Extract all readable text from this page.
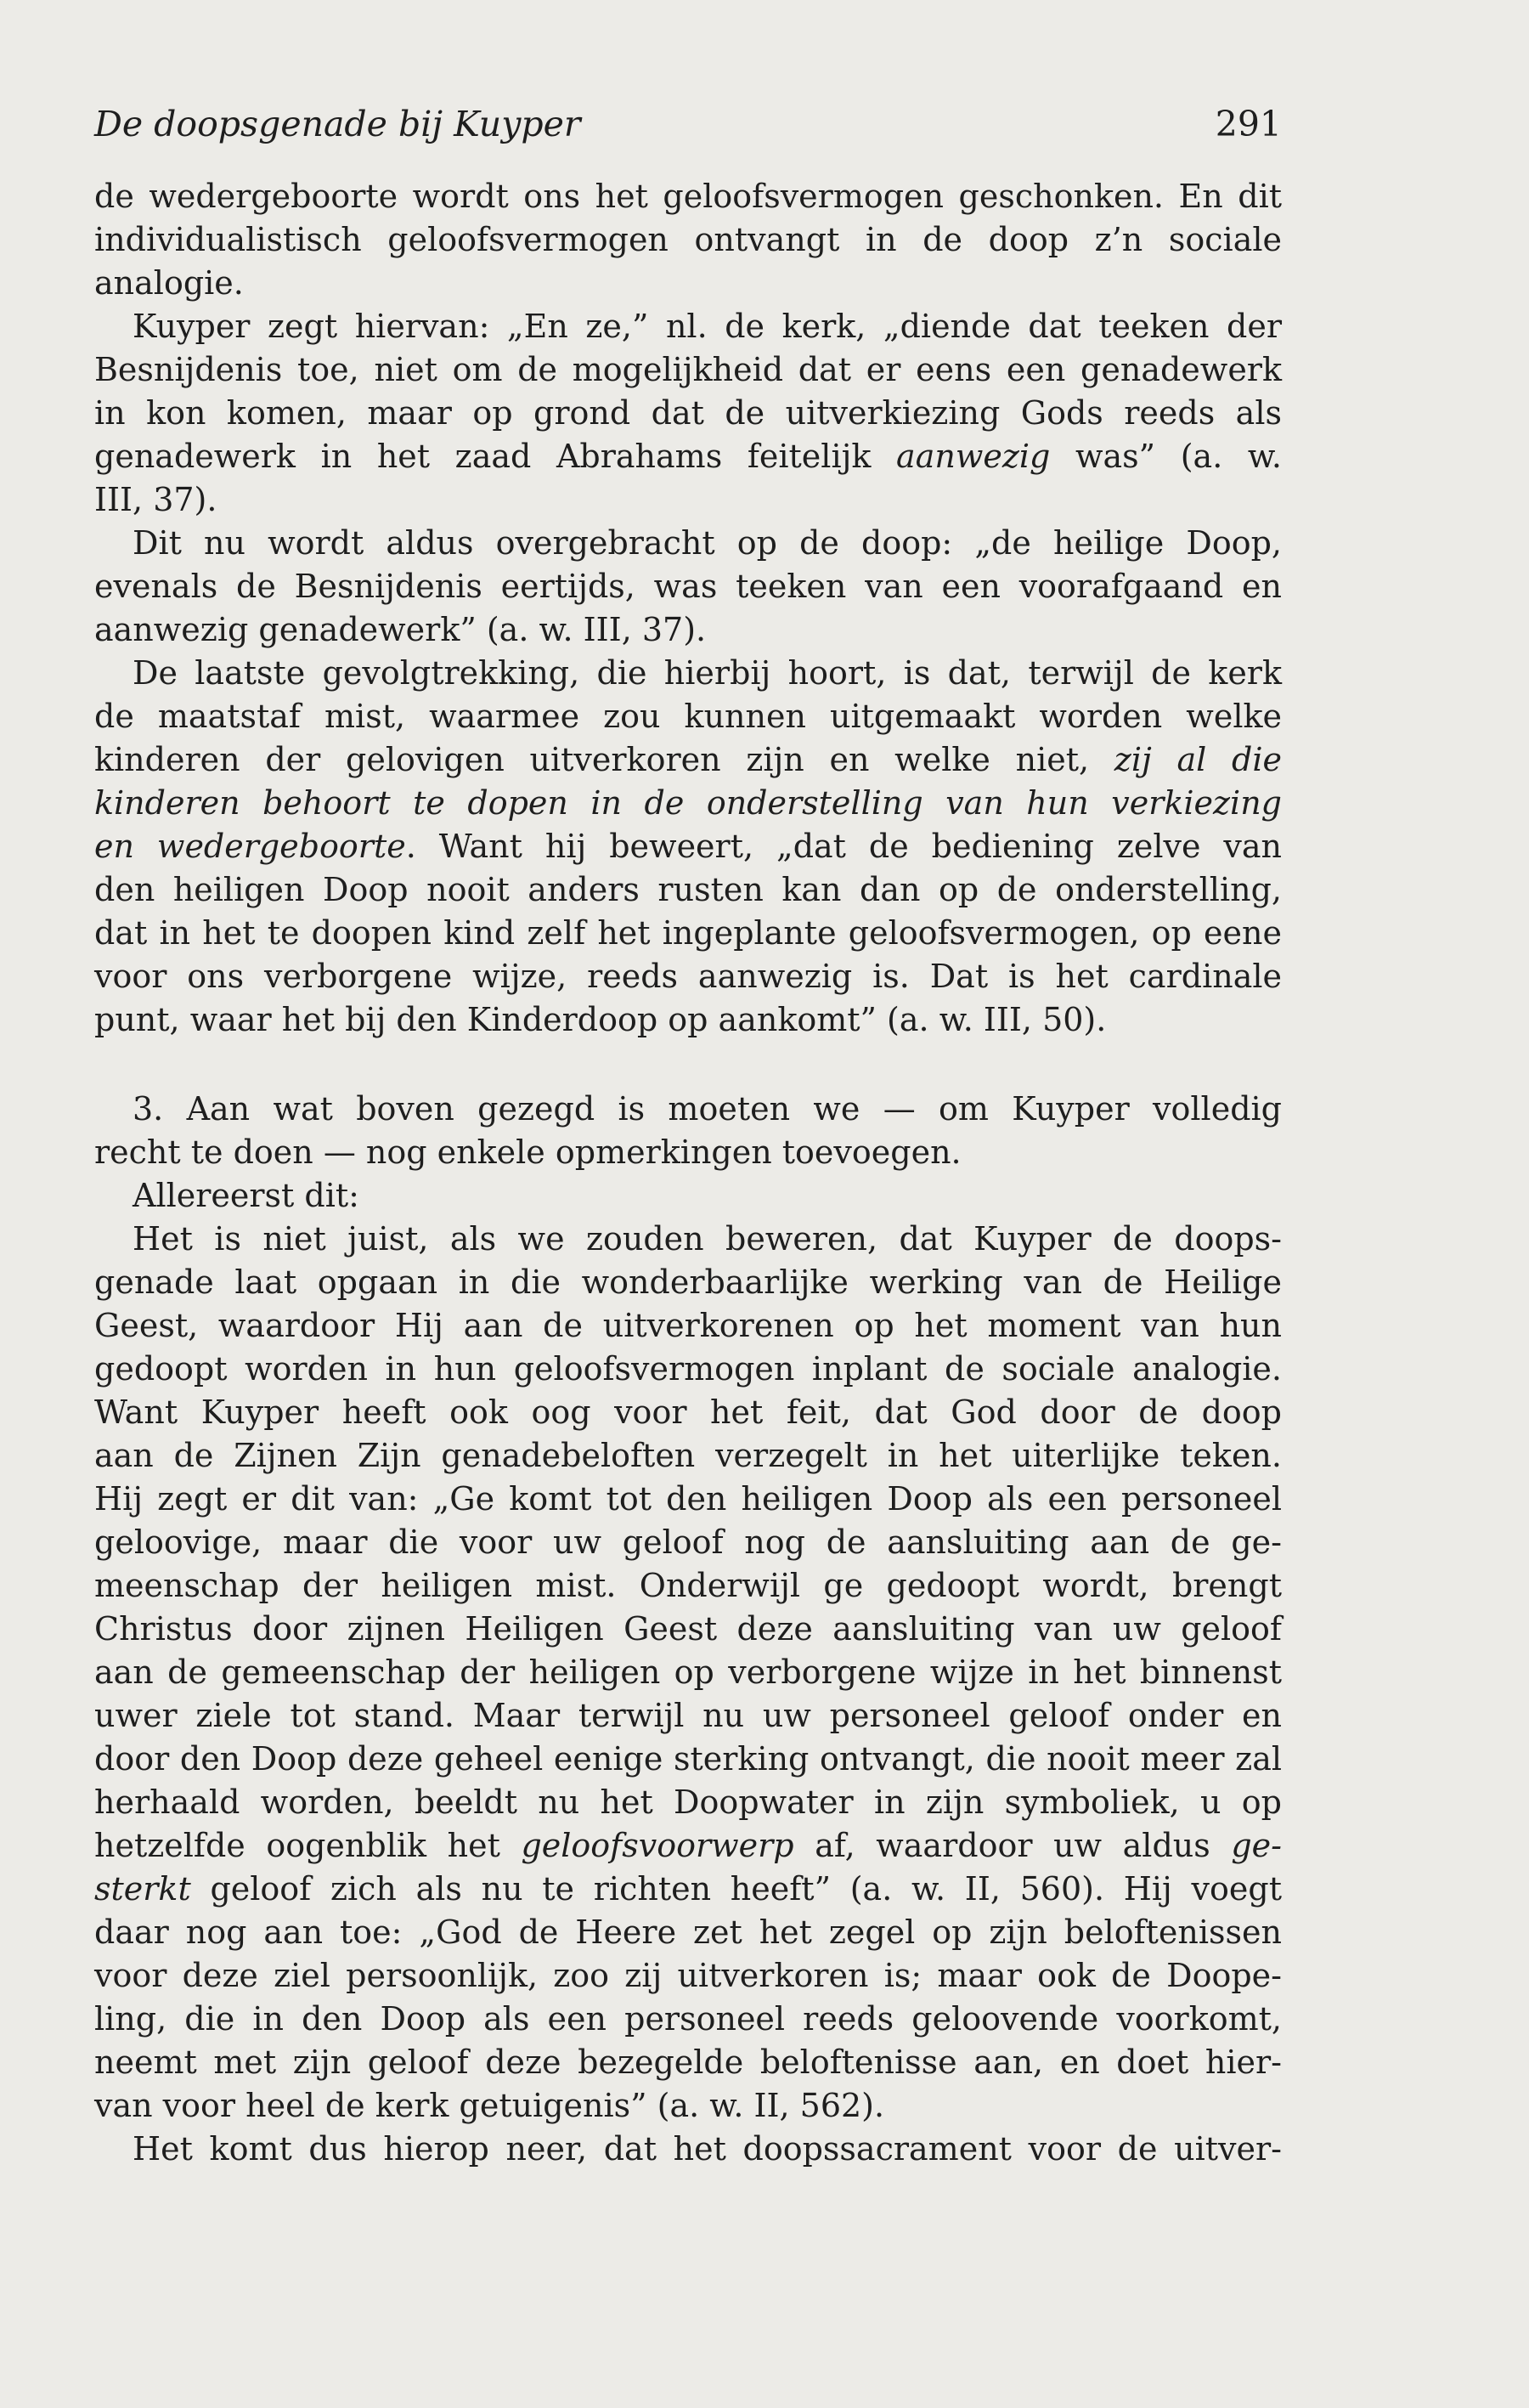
De doopsgenade bij Kuyper	291
de wedergeboorte wordt ons het geloofsvermogen geschonken. En dit
individualistisch geloofsvermogen ontvangt in de doop z’n sociale
analogie.
Kuyper zegt hiervan: „En ze,” nl. de kerk, „diende dat teeken der
Besnijdenis toe, niet om de mogelijkheid dat er eens een genadewerk
in kon komen, maar op grond dat de uitverkiezing Gods reeds als
genadewerk in het zaad Abrahams feitelijk aanwezig was” (a. w.
III, 37).
Dit nu wordt aldus overgebracht op de doop: „de heilige Doop,
evenals de Besnijdenis eertijds, was teeken van een voorafgaand en
aanwezig genadewerk” (a. w. III, 37).
De laatste gevolgtrekking, die hierbij hoort, is dat, terwijl de kerk
de maatstaf mist, waarmee zou kunnen uitgemaakt worden welke
kinderen der gelovigen uitverkoren zijn en welke niet, zij al die
kinderen behoort te dopen in de onderstelling van hun verkiezing
en wedergeboorte. Want hij beweert, „dat de bediening zelve van
den heiligen Doop nooit anders rusten kan dan op de onderstelling,
dat in het te doopen kind zelf het ingeplante geloofsvermogen, op eene
voor ons verborgene wijze, reeds aanwezig is. Dat is het cardinale
punt, waar het bij den Kinderdoop op aankomt” (a. w. III, 50).
3. Aan wat boven gezegd is moeten we — om Kuyper volledig
recht te doen — nog enkele opmerkingen toevoegen.
Allereerst dit:
Het is niet juist, als we zouden beweren, dat Kuyper de doops-
genade laat opgaan in die wonderbaarlijke werking van de Heilige
Geest, waardoor Hij aan de uitverkorenen op het moment van hun
gedoopt worden in hun geloofsvermogen inplant de sociale analogie.
Want Kuyper heeft ook oog voor het feit, dat God door de doop
aan de Zijnen Zijn genadebeloften verzegelt in het uiterlijke teken.
Hij zegt er dit van: „Ge komt tot den heiligen Doop als een personeel
geloovige, maar die voor uw geloof nog de aansluiting aan de ge-
meenschap der heiligen mist. Onderwijl ge gedoopt wordt, brengt
Christus door zijnen Heiligen Geest deze aansluiting van uw geloof
aan de gemeenschap der heiligen op verborgene wijze in het binnenst
uwer ziele tot stand. Maar terwijl nu uw personeel geloof onder en
door den Doop deze geheel eenige sterking ontvangt, die nooit meer zal
herhaald worden, beeldt nu het Doopwater in zijn symboliek, u op
hetzelfde oogenblik het geloofsvoorwerp af, waardoor uw aldus ge-
sterkt geloof zich als nu te richten heeft” (a. w. II, 560). Hij voegt
daar nog aan toe: „God de Heere zet het zegel op zijn beloftenissen
voor deze ziel persoonlijk, zoo zij uitverkoren is; maar ook de Doope-
ling, die in den Doop als een personeel reeds geloovende voorkomt,
neemt met zijn geloof deze bezegelde beloftenisse aan, en doet hier-
van voor heel de kerk getuigenis” (a. w. II, 562).
Het komt dus hierop neer, dat het doopssacrament voor de uitver-
